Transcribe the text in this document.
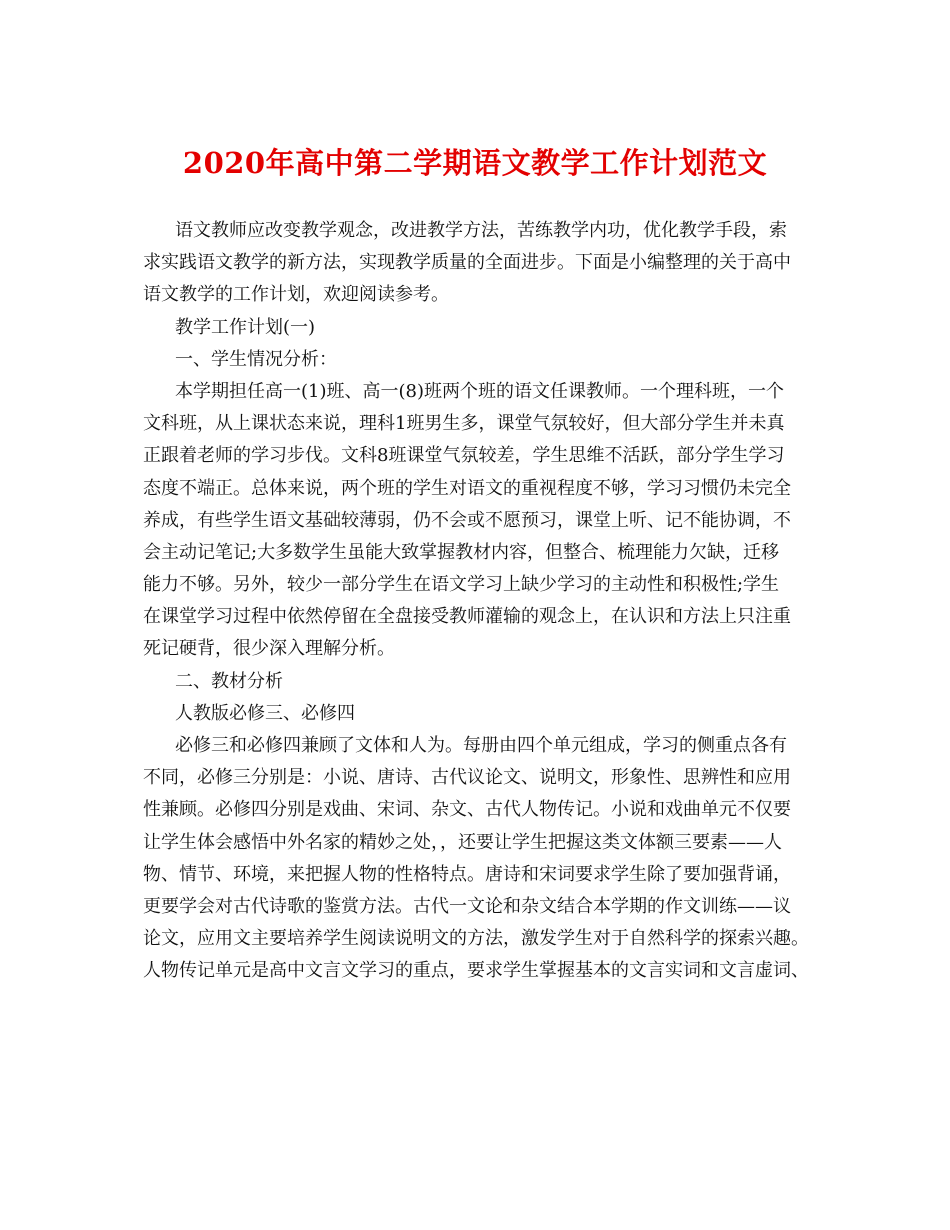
2020年高中第二学期语文教学工作计划范文
语文教师应改变教学观念，改进教学方法，苦练教学内功，优化教学手段，索
求实践语文教学的新方法，实现教学质量的全面进步。下面是小编整理的关于高中
语文教学的工作计划，欢迎阅读参考。
教学工作计划(一)
一、学生情况分析：
本学期担任高一(1)班、高一(8)班两个班的语文任课教师。一个理科班，一个
文科班，从上课状态来说，理科1班男生多，课堂气氛较好，但大部分学生并未真
正跟着老师的学习步伐。文科8班课堂气氛较差，学生思维不活跃，部分学生学习
态度不端正。总体来说，两个班的学生对语文的重视程度不够，学习习惯仍未完全
养成，有些学生语文基础较薄弱，仍不会或不愿预习，课堂上听、记不能协调，不
会主动记笔记;大多数学生虽能大致掌握教材内容，但整合、梳理能力欠缺，迁移
能力不够。另外，较少一部分学生在语文学习上缺少学习的主动性和积极性;学生
在课堂学习过程中依然停留在全盘接受教师灌输的观念上，在认识和方法上只注重
死记硬背，很少深入理解分析。
二、教材分析
人教版必修三、必修四
必修三和必修四兼顾了文体和人为。每册由四个单元组成，学习的侧重点各有
不同，必修三分别是：小说、唐诗、古代议论文、说明文，形象性、思辨性和应用
性兼顾。必修四分别是戏曲、宋词、杂文、古代人物传记。小说和戏曲单元不仅要
让学生体会感悟中外名家的精妙之处，，还要让学生把握这类文体额三要素——人
物、情节、环境，来把握人物的性格特点。唐诗和宋词要求学生除了要加强背诵，
更要学会对古代诗歌的鉴赏方法。古代一文论和杂文结合本学期的作文训练——议
论文，应用文主要培养学生阅读说明文的方法，激发学生对于自然科学的探索兴趣。
人物传记单元是高中文言文学习的重点，要求学生掌握基本的文言实词和文言虚词、
